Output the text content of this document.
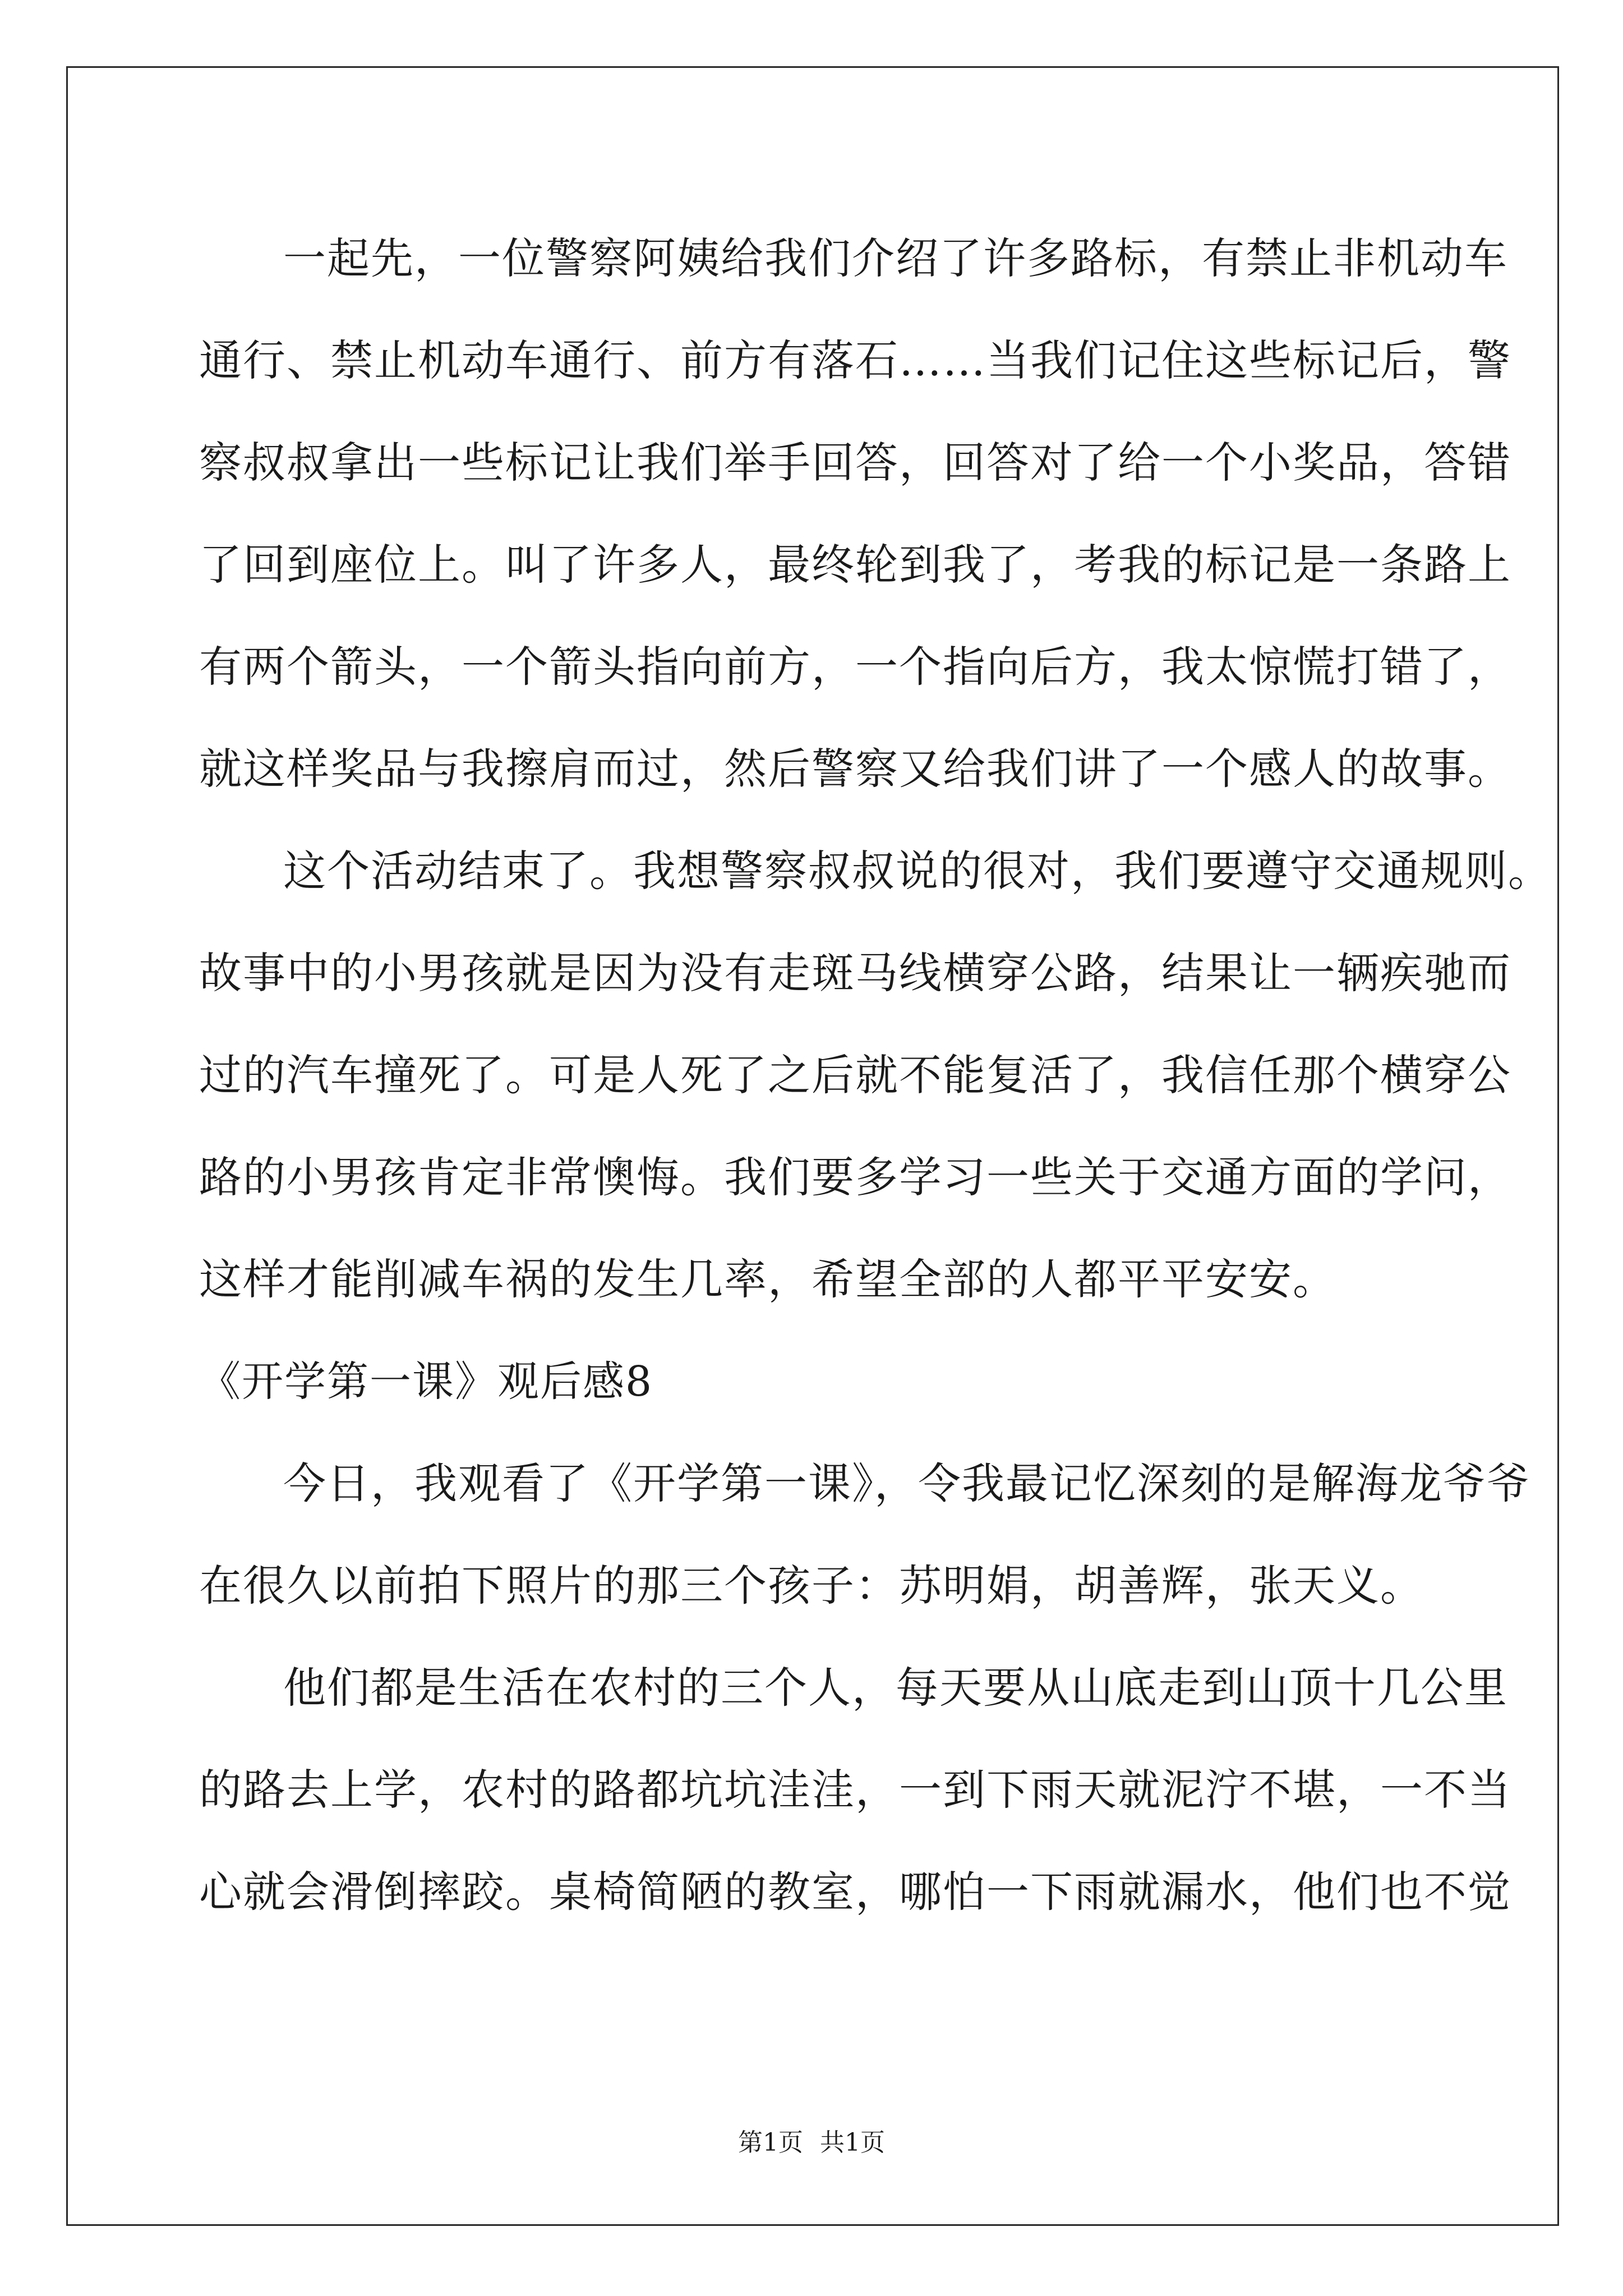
一起先，一位警察阿姨给我们介绍了许多路标，有禁止非机动车
通行、禁止机动车通行、前方有落石……当我们记住这些标记后，警
察叔叔拿出一些标记让我们举手回答，回答对了给一个小奖品，答错
了回到座位上。叫了许多人，最终轮到我了，考我的标记是一条路上
有两个箭头，一个箭头指向前方，一个指向后方，我太惊慌打错了，
就这样奖品与我擦肩而过，然后警察又给我们讲了一个感人的故事。
这个活动结束了。我想警察叔叔说的很对，我们要遵守交通规则。
故事中的小男孩就是因为没有走斑马线横穿公路，结果让一辆疾驰而
过的汽车撞死了。可是人死了之后就不能复活了，我信任那个横穿公
路的小男孩肯定非常懊悔。我们要多学习一些关于交通方面的学问，
这样才能削减车祸的发生几率，希望全部的人都平平安安。
《开学第一课》观后感8
今日，我观看了《开学第一课》，令我最记忆深刻的是解海龙爷爷
在很久以前拍下照片的那三个孩子：苏明娟，胡善辉，张天义。
他们都是生活在农村的三个人，每天要从山底走到山顶十几公里
的路去上学，农村的路都坑坑洼洼，一到下雨天就泥泞不堪，一不当
心就会滑倒摔跤。桌椅简陋的教室，哪怕一下雨就漏水，他们也不觉
第1页 共1页
